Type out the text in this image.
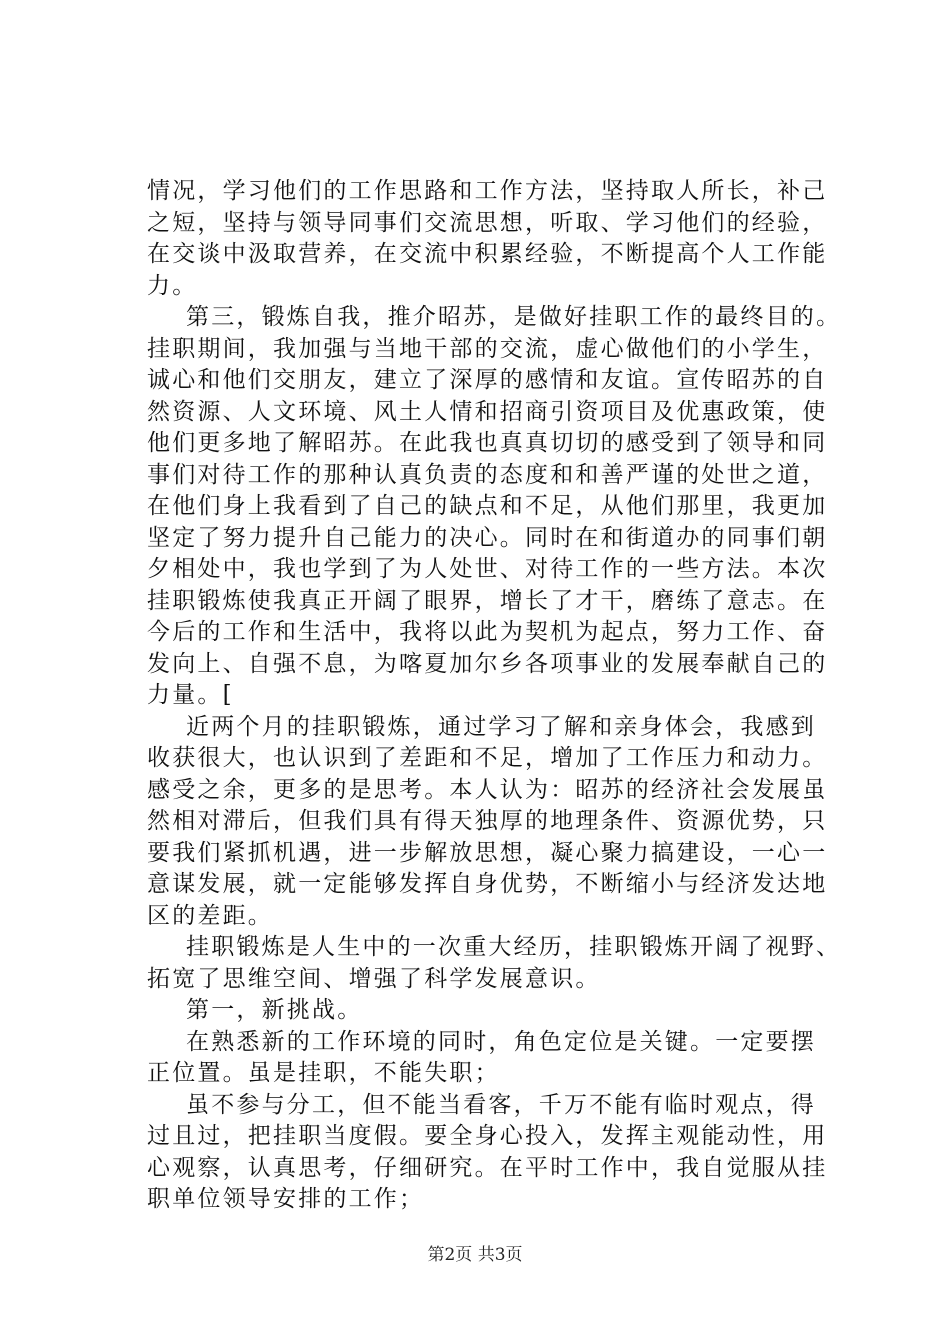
情况，学习他们的工作思路和工作方法，坚持取人所长，补己
之短，坚持与领导同事们交流思想，听取、学习他们的经验，
在交谈中汲取营养，在交流中积累经验，不断提高个人工作能
力。
第三，锻炼自我，推介昭苏，是做好挂职工作的最终目的。
挂职期间，我加强与当地干部的交流，虚心做他们的小学生，
诚心和他们交朋友，建立了深厚的感情和友谊。宣传昭苏的自
然资源、人文环境、风土人情和招商引资项目及优惠政策，使
他们更多地了解昭苏。在此我也真真切切的感受到了领导和同
事们对待工作的那种认真负责的态度和和善严谨的处世之道，
在他们身上我看到了自己的缺点和不足，从他们那里，我更加
坚定了努力提升自己能力的决心。同时在和街道办的同事们朝
夕相处中，我也学到了为人处世、对待工作的一些方法。本次
挂职锻炼使我真正开阔了眼界，增长了才干，磨练了意志。在
今后的工作和生活中，我将以此为契机为起点，努力工作、奋
发向上、自强不息，为喀夏加尔乡各项事业的发展奉献自己的
力量。[
近两个月的挂职锻炼，通过学习了解和亲身体会，我感到
收获很大，也认识到了差距和不足，增加了工作压力和动力。
感受之余，更多的是思考。本人认为：昭苏的经济社会发展虽
然相对滞后，但我们具有得天独厚的地理条件、资源优势，只
要我们紧抓机遇，进一步解放思想，凝心聚力搞建设，一心一
意谋发展，就一定能够发挥自身优势，不断缩小与经济发达地
区的差距。
挂职锻炼是人生中的一次重大经历，挂职锻炼开阔了视野、
拓宽了思维空间、增强了科学发展意识。
第一，新挑战。
在熟悉新的工作环境的同时，角色定位是关键。一定要摆
正位置。虽是挂职，不能失职；
虽不参与分工，但不能当看客，千万不能有临时观点，得
过且过，把挂职当度假。要全身心投入，发挥主观能动性，用
心观察，认真思考，仔细研究。在平时工作中，我自觉服从挂
职单位领导安排的工作；
第2页 共3页
